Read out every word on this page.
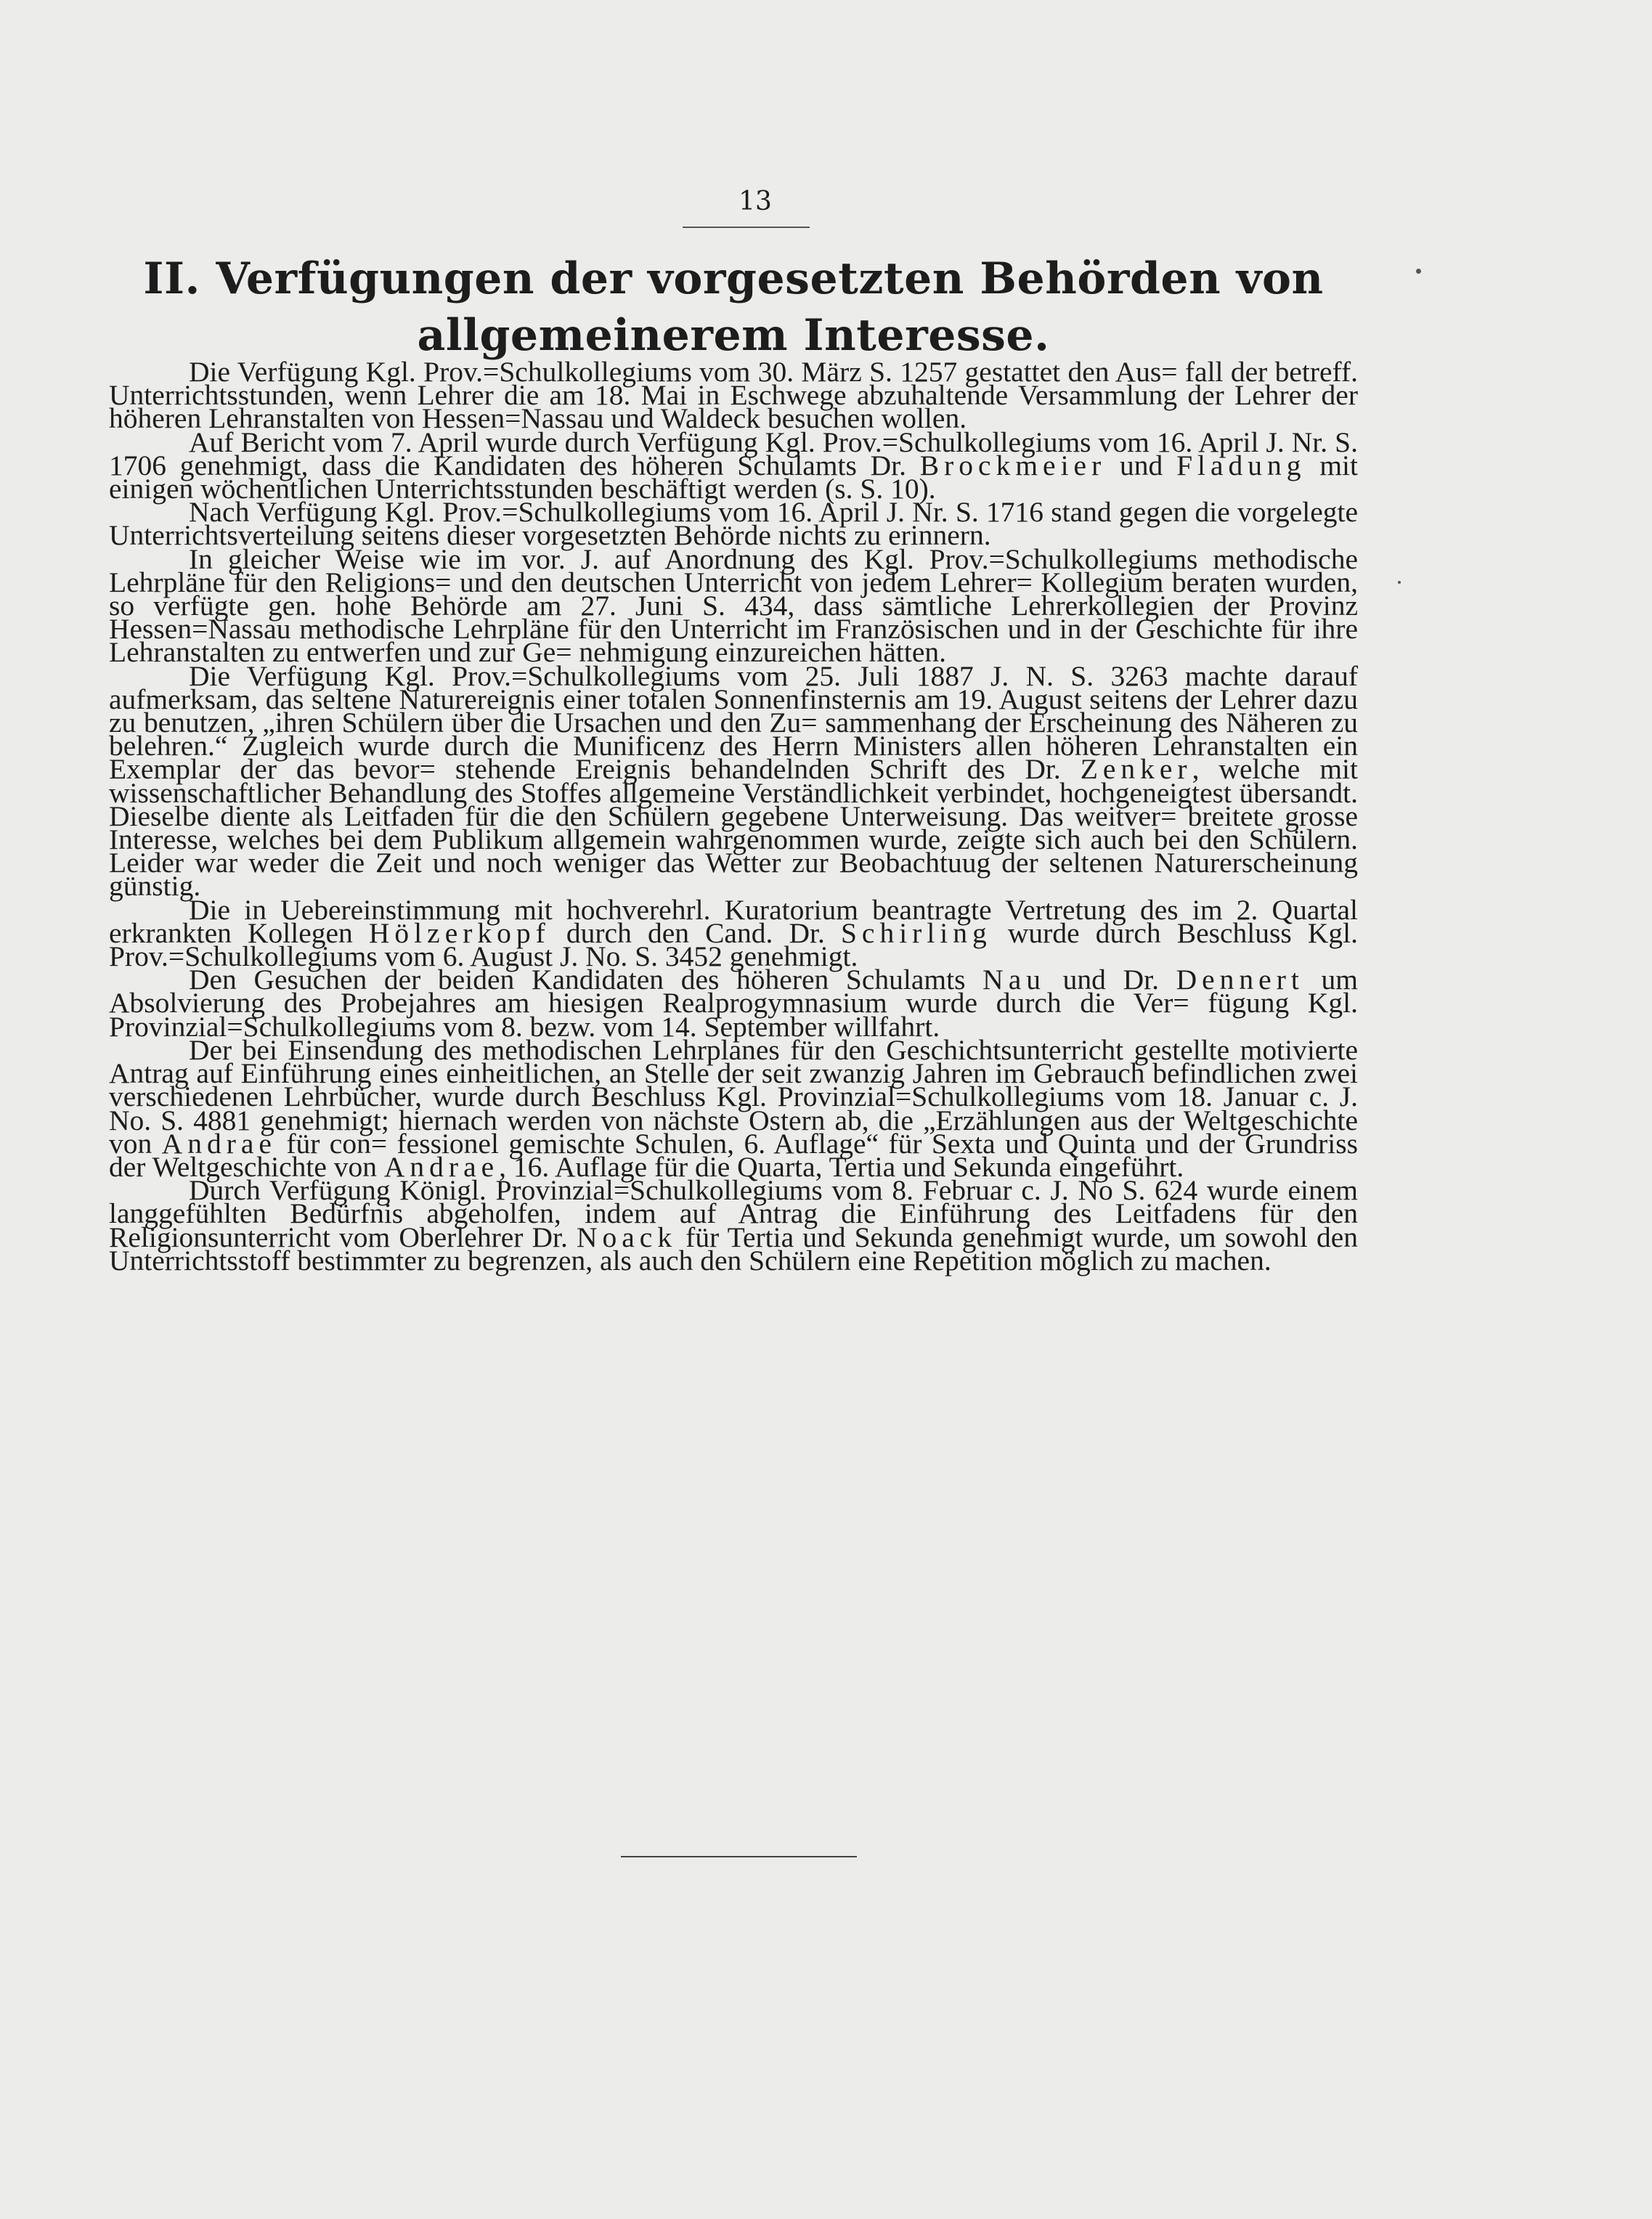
13
II. Verfügungen der vorgesetzten Behörden von
allgemeinerem Interesse.

Die Verfügung Kgl. Prov.=Schulkollegiums vom 30. März S. 1257 gestattet den Aus= fall der betreff. Unterrichtsstunden, wenn Lehrer die am 18. Mai in Eschwege abzuhaltende Versammlung der Lehrer der höheren Lehranstalten von Hessen=Nassau und Waldeck besuchen wollen.

Auf Bericht vom 7. April wurde durch Verfügung Kgl. Prov.=Schulkollegiums vom 16. April J. Nr. S. 1706 genehmigt, dass die Kandidaten des höheren Schulamts Dr. Brockmeier und Fladung mit einigen wöchentlichen Unterrichtsstunden beschäftigt werden (s. S. 10).

Nach Verfügung Kgl. Prov.=Schulkollegiums vom 16. April J. Nr. S. 1716 stand gegen die vorgelegte Unterrichtsverteilung seitens dieser vorgesetzten Behörde nichts zu erinnern.

In gleicher Weise wie im vor. J. auf Anordnung des Kgl. Prov.=Schulkollegiums methodische Lehrpläne für den Religions= und den deutschen Unterricht von jedem Lehrer= Kollegium beraten wurden, so verfügte gen. hohe Behörde am 27. Juni S. 434, dass sämtliche Lehrerkollegien der Provinz Hessen=Nassau methodische Lehrpläne für den Unterricht im Französischen und in der Geschichte für ihre Lehranstalten zu entwerfen und zur Ge= nehmigung einzureichen hätten.

Die Verfügung Kgl. Prov.=Schulkollegiums vom 25. Juli 1887 J. N. S. 3263 machte darauf aufmerksam, das seltene Naturereignis einer totalen Sonnenfinsternis am 19. August seitens der Lehrer dazu zu benutzen, „ihren Schülern über die Ursachen und den Zu= sammenhang der Erscheinung des Näheren zu belehren.“ Zugleich wurde durch die Munificenz des Herrn Ministers allen höheren Lehranstalten ein Exemplar der das bevor= stehende Ereignis behandelnden Schrift des Dr. Zenker, welche mit wissenschaftlicher Behandlung des Stoffes allgemeine Verständlichkeit verbindet, hochgeneigtest übersandt. Dieselbe diente als Leitfaden für die den Schülern gegebene Unterweisung. Das weitver= breitete grosse Interesse, welches bei dem Publikum allgemein wahrgenommen wurde, zeigte sich auch bei den Schülern. Leider war weder die Zeit und noch weniger das Wetter zur Beobachtuug der seltenen Naturerscheinung günstig.

Die in Uebereinstimmung mit hochverehrl. Kuratorium beantragte Vertretung des im 2. Quartal erkrankten Kollegen Hölzerkopf durch den Cand. Dr. Schirling wurde durch Beschluss Kgl. Prov.=Schulkollegiums vom 6. August J. No. S. 3452 genehmigt.

Den Gesuchen der beiden Kandidaten des höheren Schulamts Nau und Dr. Dennert um Absolvierung des Probejahres am hiesigen Realprogymnasium wurde durch die Ver= fügung Kgl. Provinzial=Schulkollegiums vom 8. bezw. vom 14. September willfahrt.

Der bei Einsendung des methodischen Lehrplanes für den Geschichtsunterricht gestellte motivierte Antrag auf Einführung eines einheitlichen, an Stelle der seit zwanzig Jahren im Gebrauch befindlichen zwei verschiedenen Lehrbücher, wurde durch Beschluss Kgl. Provinzial=Schulkollegiums vom 18. Januar c. J. No. S. 4881 genehmigt; hiernach werden von nächste Ostern ab, die „Erzählungen aus der Weltgeschichte von Andrae für con= fessionel gemischte Schulen, 6. Auflage“ für Sexta und Quinta und der Grundriss der Weltgeschichte von Andrae, 16. Auflage für die Quarta, Tertia und Sekunda eingeführt.

Durch Verfügung Königl. Provinzial=Schulkollegiums vom 8. Februar c. J. No S. 624 wurde einem langgefühlten Bedürfnis abgeholfen, indem auf Antrag die Einführung des Leitfadens für den Religionsunterricht vom Oberlehrer Dr. Noack für Tertia und Sekunda genehmigt wurde, um sowohl den Unterrichtsstoff bestimmter zu begrenzen, als auch den Schülern eine Repetition möglich zu machen.
